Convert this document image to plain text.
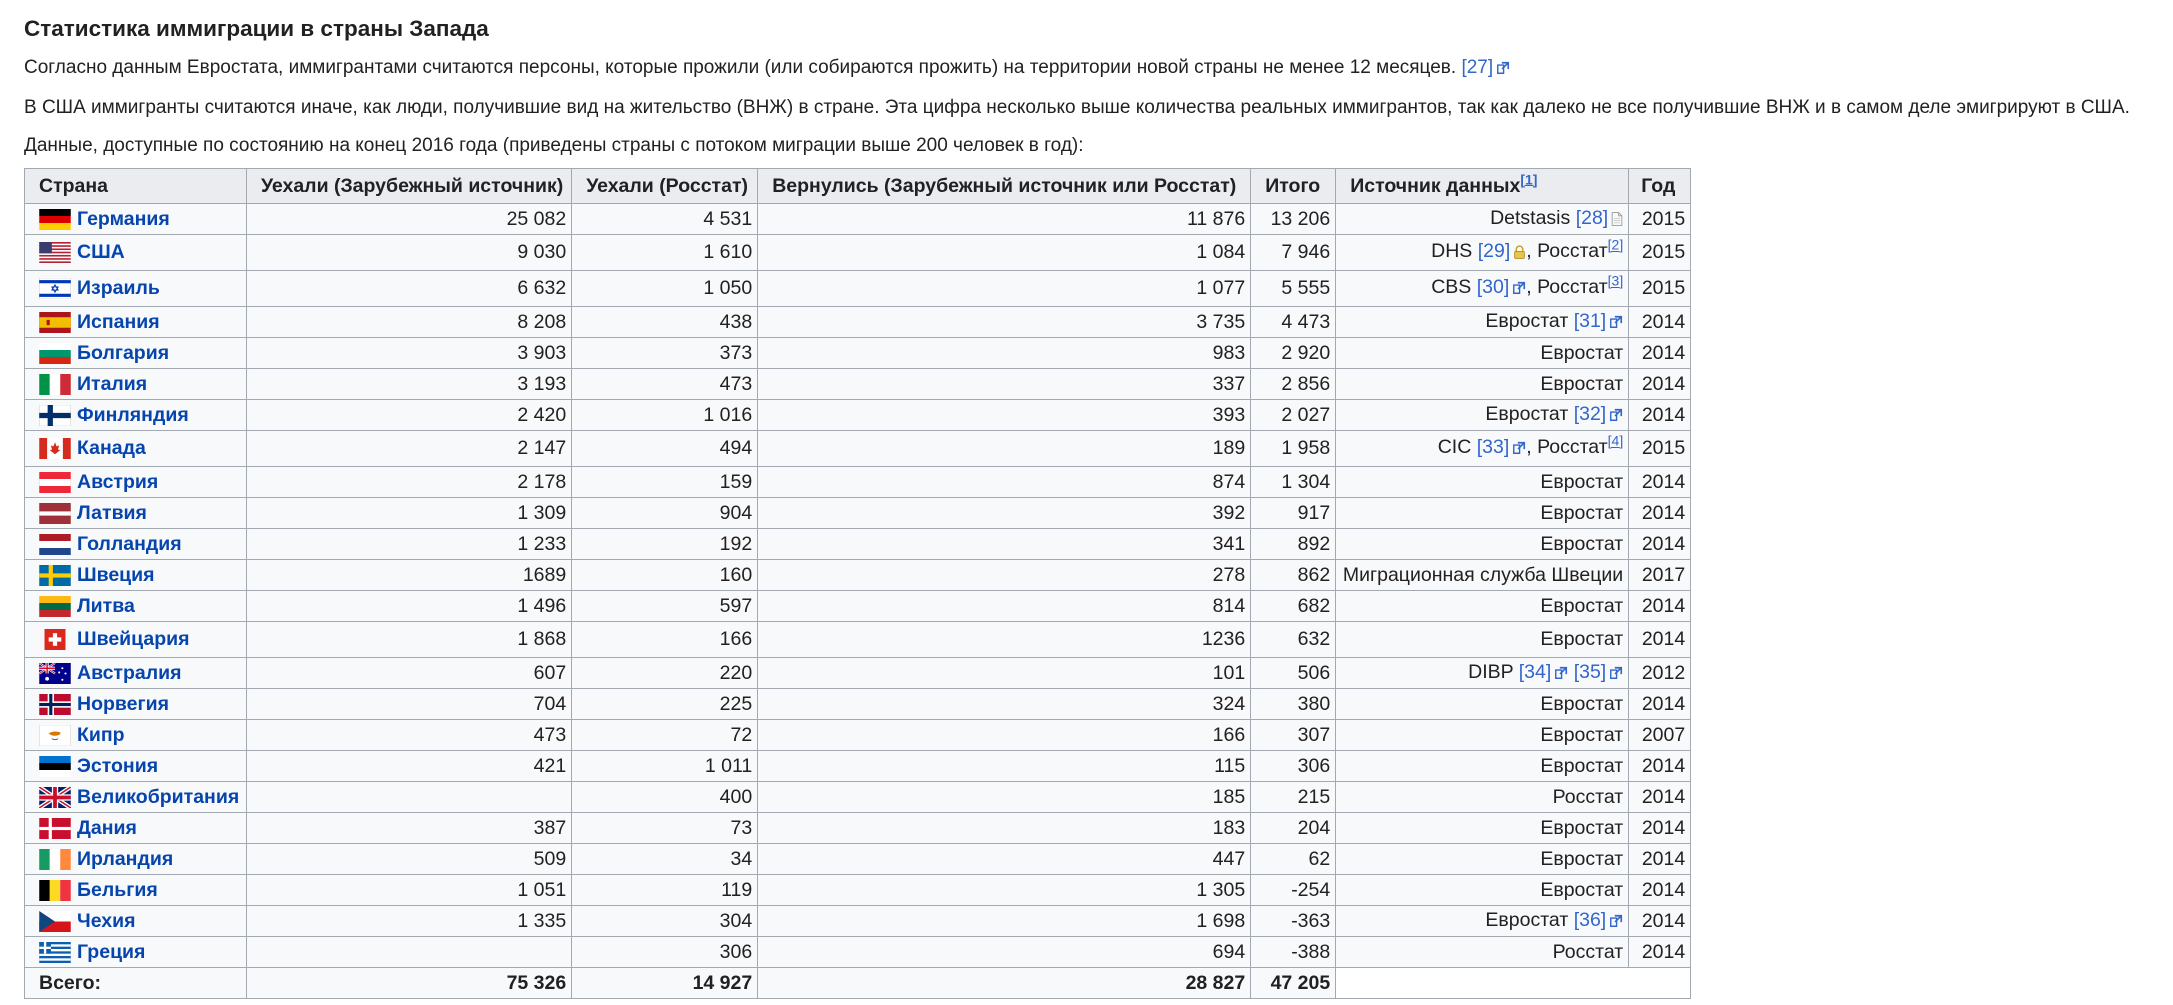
Статистика иммиграции в страны Запада

Согласно данным Евростата, иммигрантами считаются персоны, которые прожили (или собираются прожить) на территории новой страны не менее 12 месяцев. [27]

В США иммигранты считаются иначе, как люди, получившие вид на жительство (ВНЖ) в стране. Эта цифра несколько выше количества реальных иммигрантов, так как далеко не все получившие ВНЖ и в самом деле эмигрируют в США.

Данные, доступные по состоянию на конец 2016 года (приведены страны с потоком миграции выше 200 человек в год):

Страна	Уехали (Зарубежный источник)	Уехали (Росстат)	Вернулись (Зарубежный источник или Росстат)	Итого	Источник данных[1]	Год

Германия	25 082	4 531	11 876	13 206	Detstasis [28]	2015

США	9 030	1 610	1 084	7 946	DHS [29] , Росстат[2]	2015

Израиль	6 632	1 050	1 077	5 555	CBS [30] , Росстат[3]	2015

Испания	8 208	438	3 735	4 473	Евростат [31]	2014

Болгария	3 903	373	983	2 920	Евростат	2014

Италия	3 193	473	337	2 856	Евростат	2014

Финляндия	2 420	1 016	393	2 027	Евростат [32]	2014

Канада	2 147	494	189	1 958	CIC [33] , Росстат[4]	2015

Австрия	2 178	159	874	1 304	Евростат	2014

Латвия	1 309	904	392	917	Евростат	2014

Голландия	1 233	192	341	892	Евростат	2014

Швеция	1689	160	278	862	Миграционная служба Швеции	2017

Литва	1 496	597	814	682	Евростат	2014

Швейцария	1 868	166	1236	632	Евростат	2014

Австралия	607	220	101	506	DIBP [34] [35]	2012

Норвегия	704	225	324	380	Евростат	2014

Кипр	473	72	166	307	Евростат	2007

Эстония	421	1 011	115	306	Евростат	2014

Великобритания		400	185	215	Росстат	2014

Дания	387	73	183	204	Евростат	2014

Ирландия	509	34	447	62	Евростат	2014

Бельгия	1 051	119	1 305	-254	Евростат	2014

Чехия	1 335	304	1 698	-363	Евростат [36]	2014

Греция		306	694	-388	Росстат	2014
Всего:	75 326	14 927	28 827	47 205		
